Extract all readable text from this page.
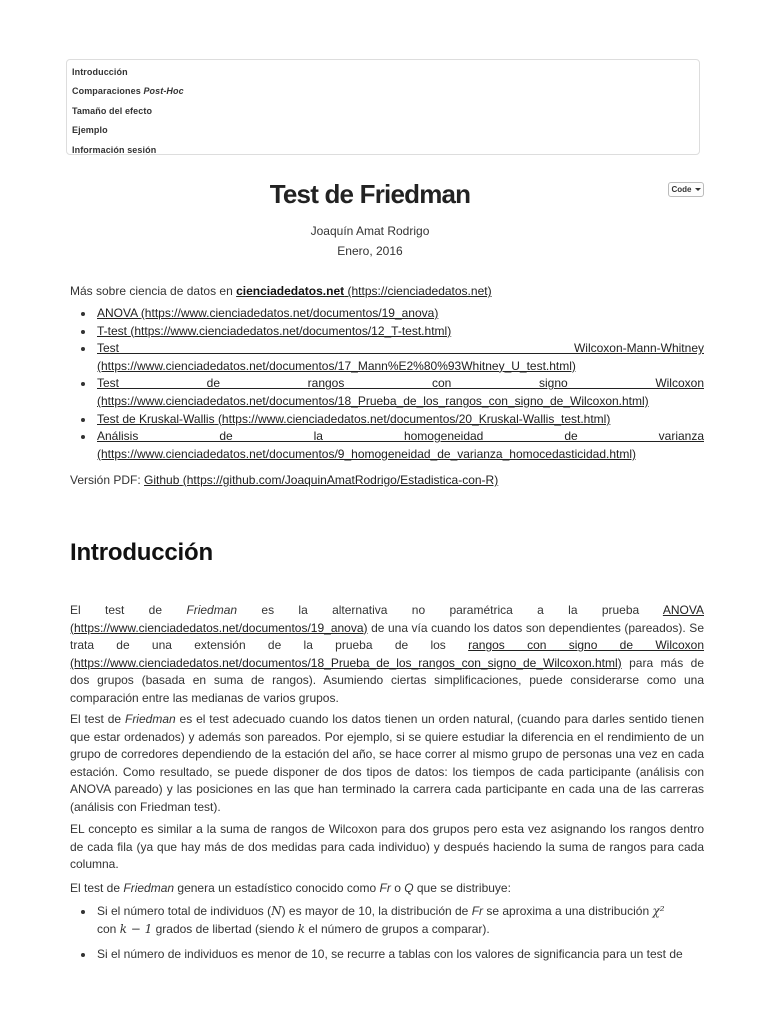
Introducción
Comparaciones Post-Hoc
Tamaño del efecto
Ejemplo
Información sesión
Code
Test de Friedman
Joaquín Amat Rodrigo
Enero, 2016
Más sobre ciencia de datos en cienciadedatos.net (https://cienciadedatos.net)
ANOVA (https://www.cienciadedatos.net/documentos/19_anova)
T-test (https://www.cienciadedatos.net/documentos/12_T-test.html)
Test Wilcoxon-Mann-Whitney (https://www.cienciadedatos.net/documentos/17_Mann%E2%80%93Whitney_U_test.html)
Test de rangos con signo Wilcoxon (https://www.cienciadedatos.net/documentos/18_Prueba_de_los_rangos_con_signo_de_Wilcoxon.html)
Test de Kruskal-Wallis (https://www.cienciadedatos.net/documentos/20_Kruskal-Wallis_test.html)
Análisis de la homogeneidad de varianza (https://www.cienciadedatos.net/documentos/9_homogeneidad_de_varianza_homocedasticidad.html)
Versión PDF: Github (https://github.com/JoaquinAmatRodrigo/Estadistica-con-R)
Introducción

El test de Friedman es la alternativa no paramétrica a la prueba ANOVA (https://www.cienciadedatos.net/documentos/19_anova) de una vía cuando los datos son dependientes (pareados). Se trata de una extensión de la prueba de los rangos con signo de Wilcoxon (https://www.cienciadedatos.net/documentos/18_Prueba_de_los_rangos_con_signo_de_Wilcoxon.html) para más de dos grupos (basada en suma de rangos). Asumiendo ciertas simplificaciones, puede considerarse como una comparación entre las medianas de varios grupos.

El test de Friedman es el test adecuado cuando los datos tienen un orden natural, (cuando para darles sentido tienen que estar ordenados) y además son pareados. Por ejemplo, si se quiere estudiar la diferencia en el rendimiento de un grupo de corredores dependiendo de la estación del año, se hace correr al mismo grupo de personas una vez en cada estación. Como resultado, se puede disponer de dos tipos de datos: los tiempos de cada participante (análisis con ANOVA pareado) y las posiciones en las que han terminado la carrera cada participante en cada una de las carreras (análisis con Friedman test).

EL concepto es similar a la suma de rangos de Wilcoxon para dos grupos pero esta vez asignando los rangos dentro de cada fila (ya que hay más de dos medidas para cada individuo) y después haciendo la suma de rangos para cada columna.

El test de Friedman genera un estadístico conocido como Fr o Q que se distribuye:

Si el número total de individuos (N) es mayor de 10, la distribución de Fr se aproxima a una distribución χ²
con k − 1 grados de libertad (siendo k el número de grupos a comparar).
Si el número de individuos es menor de 10, se recurre a tablas con los valores de significancia para un test de
